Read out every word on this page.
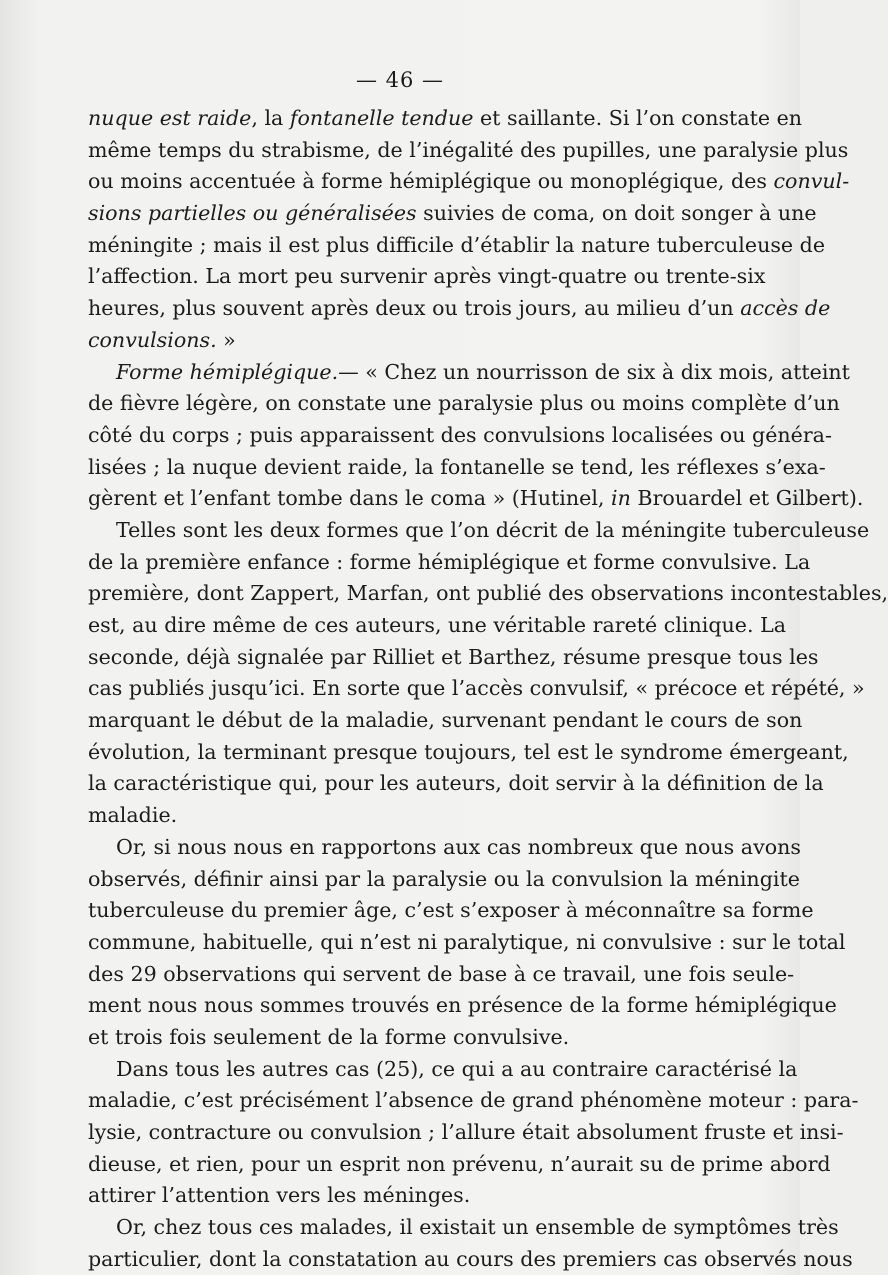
— 46 —
nuque est raide, la fontanelle tendue et saillante. Si l’on constate en
même temps du strabisme, de l’inégalité des pupilles, une paralysie plus
ou moins accentuée à forme hémiplégique ou monoplégique, des convul-
sions partielles ou généralisées suivies de coma, on doit songer à une
méningite ; mais il est plus difficile d’établir la nature tuberculeuse de
l’affection. La mort peu survenir après vingt-quatre ou trente-six
heures, plus souvent après deux ou trois jours, au milieu d’un accès de
convulsions. »
Forme hémiplégique.— « Chez un nourrisson de six à dix mois, atteint
de fièvre légère, on constate une paralysie plus ou moins complète d’un
côté du corps ; puis apparaissent des convulsions localisées ou généra-
lisées ; la nuque devient raide, la fontanelle se tend, les réflexes s’exa-
gèrent et l’enfant tombe dans le coma » (Hutinel, in Brouardel et Gilbert).
Telles sont les deux formes que l’on décrit de la méningite tuberculeuse
de la première enfance : forme hémiplégique et forme convulsive. La
première, dont Zappert, Marfan, ont publié des observations incontestables,
est, au dire même de ces auteurs, une véritable rareté clinique. La
seconde, déjà signalée par Rilliet et Barthez, résume presque tous les
cas publiés jusqu’ici. En sorte que l’accès convulsif, « précoce et répété, »
marquant le début de la maladie, survenant pendant le cours de son
évolution, la terminant presque toujours, tel est le syndrome émergeant,
la caractéristique qui, pour les auteurs, doit servir à la définition de la
maladie.
Or, si nous nous en rapportons aux cas nombreux que nous avons
observés, définir ainsi par la paralysie ou la convulsion la méningite
tuberculeuse du premier âge, c’est s’exposer à méconnaître sa forme
commune, habituelle, qui n’est ni paralytique, ni convulsive : sur le total
des 29 observations qui servent de base à ce travail, une fois seule-
ment nous nous sommes trouvés en présence de la forme hémiplégique
et trois fois seulement de la forme convulsive.
Dans tous les autres cas (25), ce qui a au contraire caractérisé la
maladie, c’est précisément l’absence de grand phénomène moteur : para-
lysie, contracture ou convulsion ; l’allure était absolument fruste et insi-
dieuse, et rien, pour un esprit non prévenu, n’aurait su de prime abord
attirer l’attention vers les méninges.
Or, chez tous ces malades, il existait un ensemble de symptômes très
particulier, dont la constatation au cours des premiers cas observés nous
